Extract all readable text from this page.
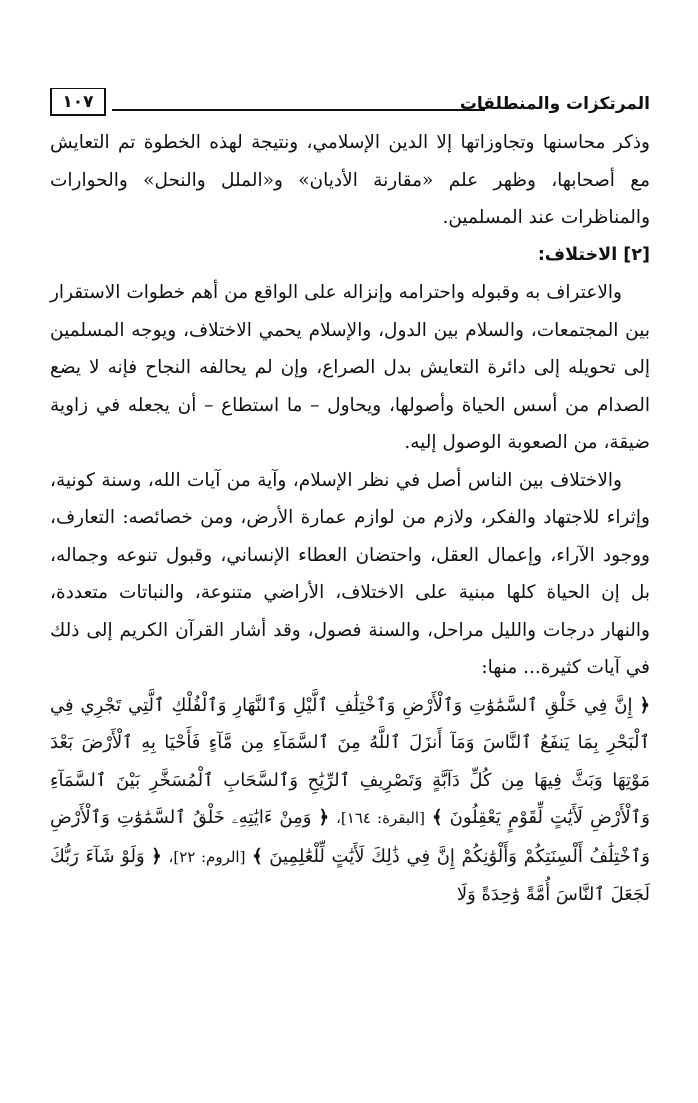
المرتكزات والمنطلقات
١٠٧

وذكر محاسنها وتجاوزاتها إلا الدين الإسلامي، ونتيجة لهذه الخطوة تم التعايش مع أصحابها، وظهر علم «مقارنة الأديان» و«الملل والنحل» والحوارات والمناظرات عند المسلمين.

[٢] الاختلاف:

والاعتراف به وقبوله واحترامه وإنزاله على الواقع من أهم خطوات الاستقرار بين المجتمعات، والسلام بين الدول، والإسلام يحمي الاختلاف، ويوجه المسلمين إلى تحويله إلى دائرة التعايش بدل الصراع، وإن لم يحالفه النجاح فإنه لا يضع الصدام من أسس الحياة وأصولها، ويحاول – ما استطاع – أن يجعله في زاوية ضيقة، من الصعوبة الوصول إليه.

والاختلاف بين الناس أصل في نظر الإسلام، وآية من آيات الله، وسنة كونية، وإثراء للاجتهاد والفكر، ولازم من لوازم عمارة الأرض، ومن خصائصه: التعارف، ووجود الآراء، وإعمال العقل، واحتضان العطاء الإنساني، وقبول تنوعه وجماله، بل إن الحياة كلها مبنية على الاختلاف، الأراضي متنوعة، والنباتات متعددة، والنهار درجات والليل مراحل، والسنة فصول، وقد أشار القرآن الكريم إلى ذلك في آيات كثيرة... منها:

﴿ إِنَّ فِي خَلْقِ ٱلسَّمَٰوَٰتِ وَٱلْأَرْضِ وَٱخْتِلَٰفِ ٱلَّيْلِ وَٱلنَّهَارِ وَٱلْفُلْكِ ٱلَّتِي تَجْرِي فِي ٱلْبَحْرِ بِمَا يَنفَعُ ٱلنَّاسَ وَمَآ أَنزَلَ ٱللَّهُ مِنَ ٱلسَّمَآءِ مِن مَّآءٍ فَأَحْيَا بِهِ ٱلْأَرْضَ بَعْدَ مَوْتِهَا وَبَثَّ فِيهَا مِن كُلِّ دَآبَّةٍ وَتَصْرِيفِ ٱلرِّيَٰحِ وَٱلسَّحَابِ ٱلْمُسَخَّرِ بَيْنَ ٱلسَّمَآءِ وَٱلْأَرْضِ لَأَيَٰتٍ لِّقَوْمٍ يَعْقِلُونَ ﴾ [البقرة: ١٦٤]، ﴿ وَمِنْ ءَايَٰتِهِۦ خَلْقُ ٱلسَّمَٰوَٰتِ وَٱلْأَرْضِ وَٱخْتِلَٰفُ أَلْسِنَتِكُمْ وَأَلْوَٰنِكُمْ إِنَّ فِي ذَٰلِكَ لَأَيَٰتٍ لِّلْعَٰلِمِينَ ﴾ [الروم: ٢٢]، ﴿ وَلَوْ شَآءَ رَبُّكَ لَجَعَلَ ٱلنَّاسَ أُمَّةً وَٰحِدَةً وَلَا
